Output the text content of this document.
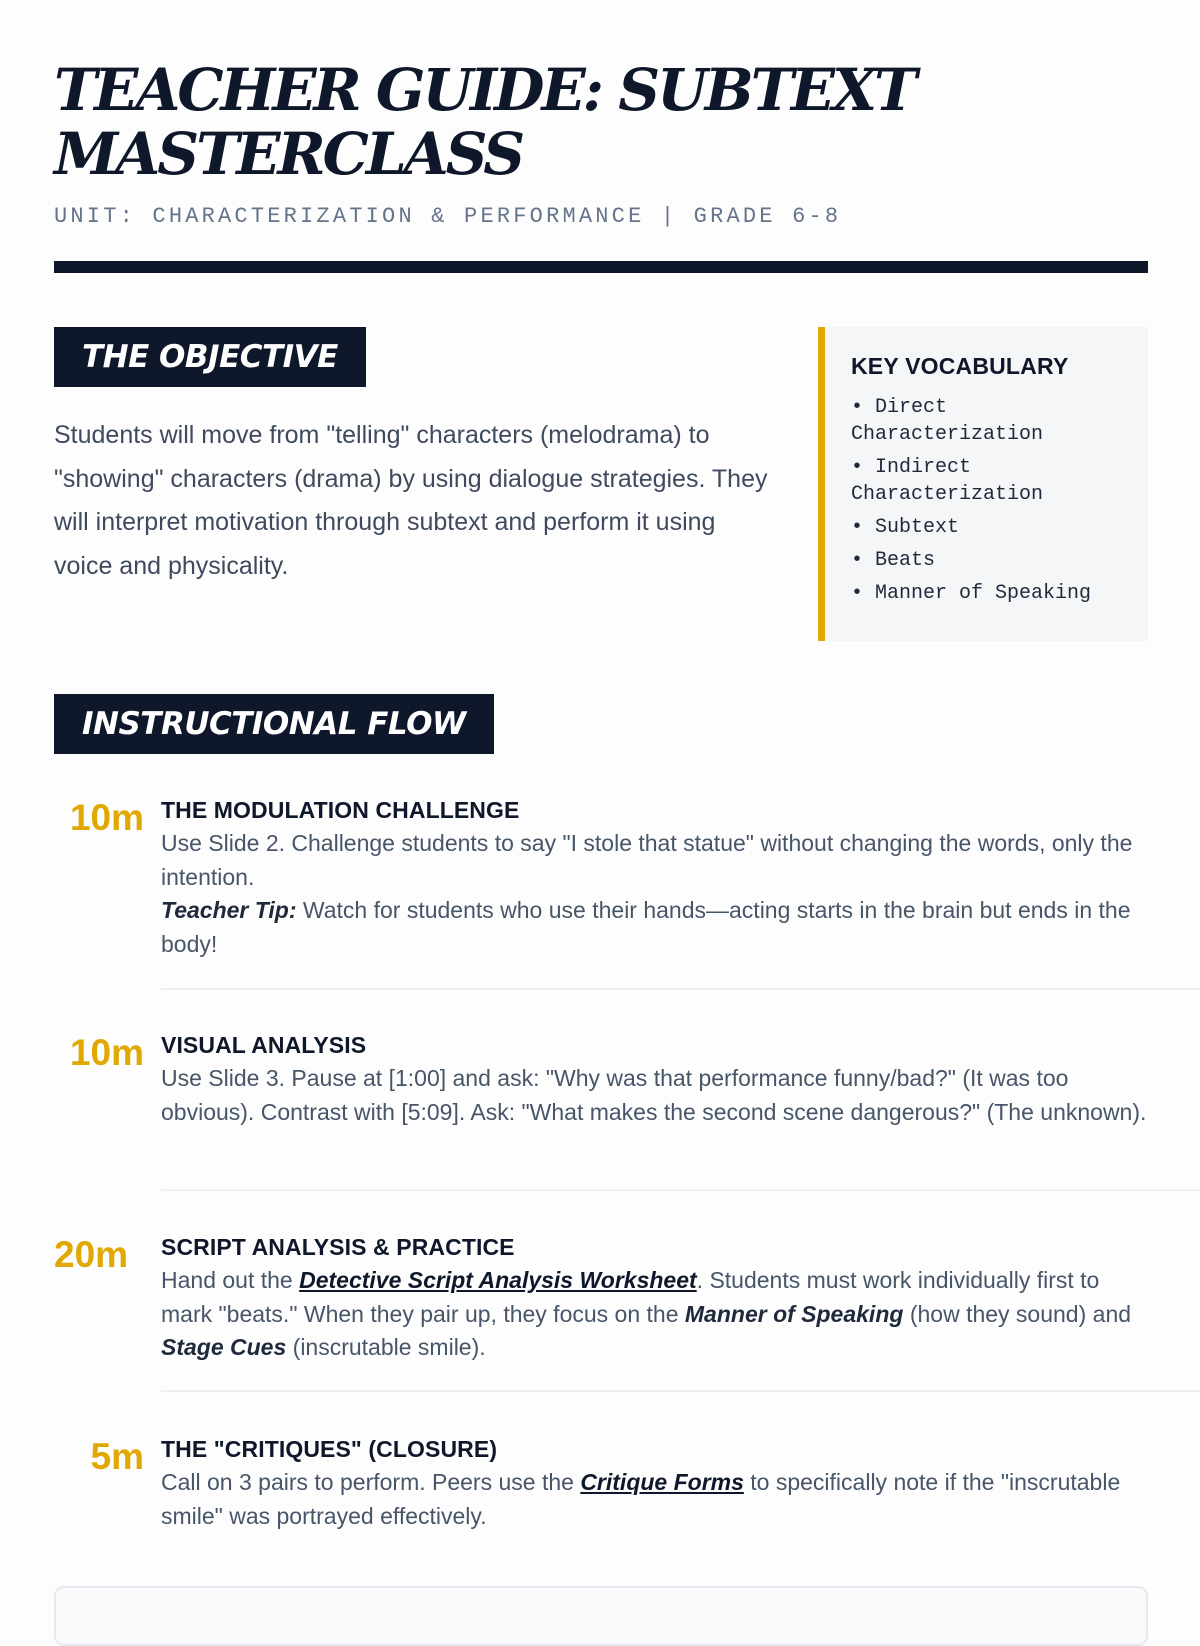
TEACHER GUIDE: SUBTEXT MASTERCLASS

UNIT: CHARACTERIZATION & PERFORMANCE | GRADE 6-8

THE OBJECTIVE

Students will move from "telling" characters (melodrama) to "showing" characters (drama) by using dialogue strategies. They will interpret motivation through subtext and perform it using voice and physicality.

KEY VOCABULARY
• Direct Characterization
• Indirect Characterization
• Subtext
• Beats
• Manner of Speaking
INSTRUCTIONAL FLOW
10m THE MODULATION CHALLENGE

Use Slide 2. Challenge students to say "I stole that statue" without changing the words, only the intention.
Teacher Tip: Watch for students who use their hands—acting starts in the brain but ends in the body!

10m VISUAL ANALYSIS

Use Slide 3. Pause at [1:00] and ask: "Why was that performance funny/bad?" (It was too obvious). Contrast with [5:09]. Ask: "What makes the second scene dangerous?" (The unknown).

20m	SCRIPT ANALYSIS & PRACTICE

Hand out the Detective Script Analysis Worksheet. Students must work individually first to mark "beats." When they pair up, they focus on the Manner of Speaking (how they sound) and Stage Cues (inscrutable smile).

5m THE "CRITIQUES" (CLOSURE)

Call on 3 pairs to perform. Peers use the Critique Forms to specifically note if the "inscrutable smile" was portrayed effectively.
